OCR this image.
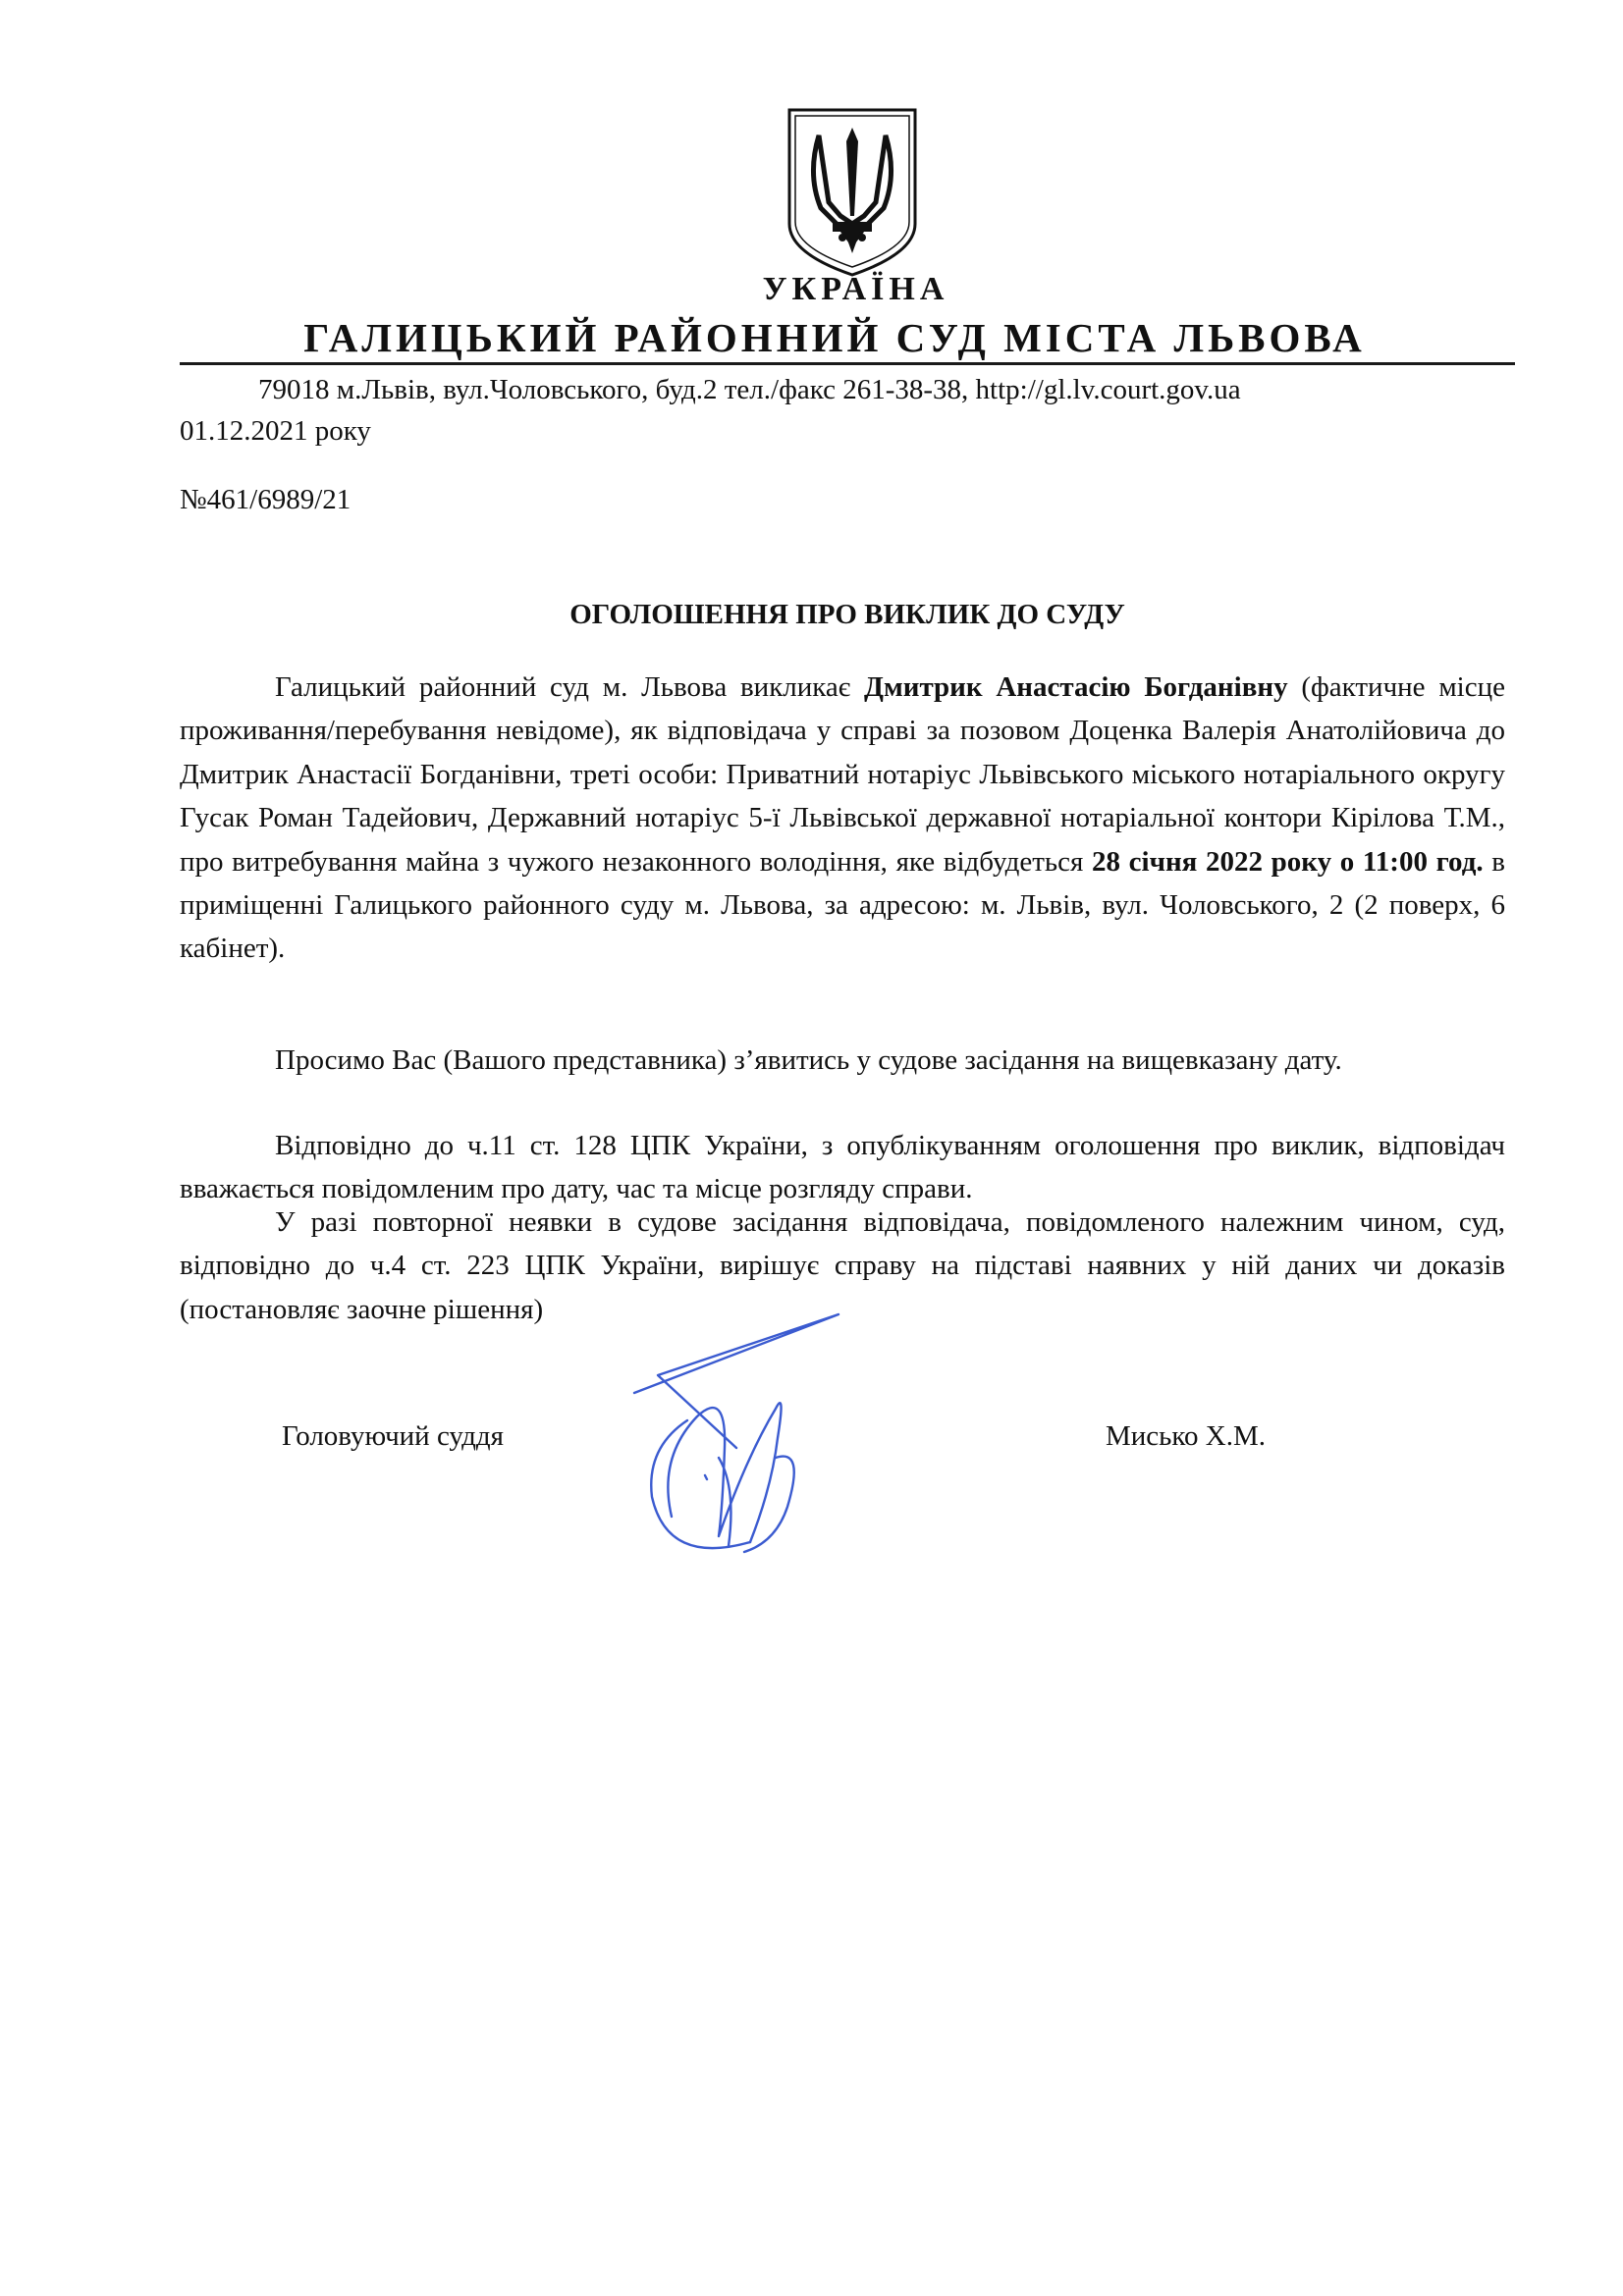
УКРАЇНА
ГАЛИЦЬКИЙ РАЙОННИЙ СУД МІСТА ЛЬВОВА
79018 м.Львів, вул.Чоловського, буд.2 тел./факс 261-38-38, http://gl.lv.court.gov.ua
01.12.2021 року
№461/6989/21
ОГОЛОШЕННЯ ПРО ВИКЛИК ДО СУДУ
Галицький районний суд м. Львова викликає Дмитрик Анастасію Богданівну (фактичне місце проживання/перебування невідоме), як відповідача у справі за позовом Доценка Валерія Анатолійовича до Дмитрик Анастасії Богданівни, треті особи: Приватний нотаріус Львівського міського нотаріального округу Гусак Роман Тадейович, Державний нотаріус 5-ї Львівської державної нотаріальної контори Кірілова Т.М., про витребування майна з чужого незаконного володіння, яке відбудеться 28 січня 2022 року о 11:00 год. в приміщенні Галицького районного суду м. Львова, за адресою: м. Львів, вул. Чоловського, 2 (2 поверх, 6 кабінет).
Просимо Вас (Вашого представника) з’явитись у судове засідання на вищевказану дату.
Відповідно до ч.11 ст. 128 ЦПК України, з опублікуванням оголошення про виклик, відповідач вважається повідомленим про дату, час та місце розгляду справи.
У разі повторної неявки в судове засідання відповідача, повідомленого належним чином, суд, відповідно до ч.4 ст. 223 ЦПК України, вирішує справу на підставі наявних у ній даних чи доказів (постановляє заочне рішення)
Головуючий суддя	Мисько Х.М.
